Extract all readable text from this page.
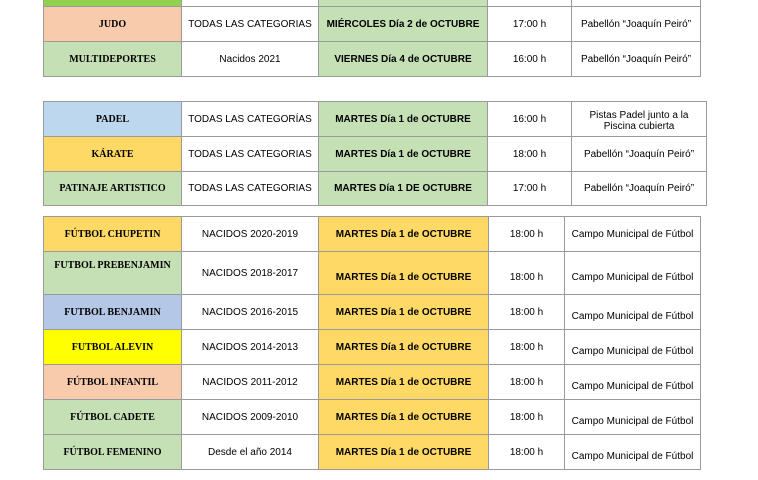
JUDO	TODAS LAS CATEGORIAS	MIÉRCOLES Día 2 de OCTUBRE	17:00 h	Pabellón “Joaquín Peiró”
MULTIDEPORTES	Nacidos 2021	VIERNES Día 4 de OCTUBRE	16:00 h	Pabellón “Joaquín Peiró”
PADEL	TODAS LAS CATEGORÍAS	MARTES Día 1 de OCTUBRE	16:00 h	Pistas Padel junto a la Piscina cubierta
KÁRATE	TODAS LAS CATEGORIAS	MARTES Día 1 de OCTUBRE	18:00 h	Pabellón “Joaquín Peiró”
PATINAJE ARTISTICO	TODAS LAS CATEGORIAS	MARTES Día 1 DE OCTUBRE	17:00 h	Pabellón “Joaquín Peiró”
FÚTBOL CHUPETIN	NACIDOS 2020-2019	MARTES Día 1 de OCTUBRE	18:00 h	Campo Municipal de Fútbol
FUTBOL PREBENJAMIN	NACIDOS 2018-2017	MARTES Día 1 de OCTUBRE	18:00 h	Campo Municipal de Fútbol
FUTBOL BENJAMIN	NACIDOS 2016-2015	MARTES Día 1 de OCTUBRE	18:00 h	Campo Municipal de Fútbol
FUTBOL ALEVIN	NACIDOS 2014-2013	MARTES Día 1 de OCTUBRE	18:00 h	Campo Municipal de Fútbol
FÚTBOL INFANTIL	NACIDOS 2011-2012	MARTES Día 1 de OCTUBRE	18:00 h	Campo Municipal de Fútbol
FÚTBOL CADETE	NACIDOS 2009-2010	MARTES Día 1 de OCTUBRE	18:00 h	Campo Municipal de Fútbol
FÚTBOL FEMENINO	Desde el año 2014	MARTES Día 1 de OCTUBRE	18:00 h	Campo Municipal de Fútbol
